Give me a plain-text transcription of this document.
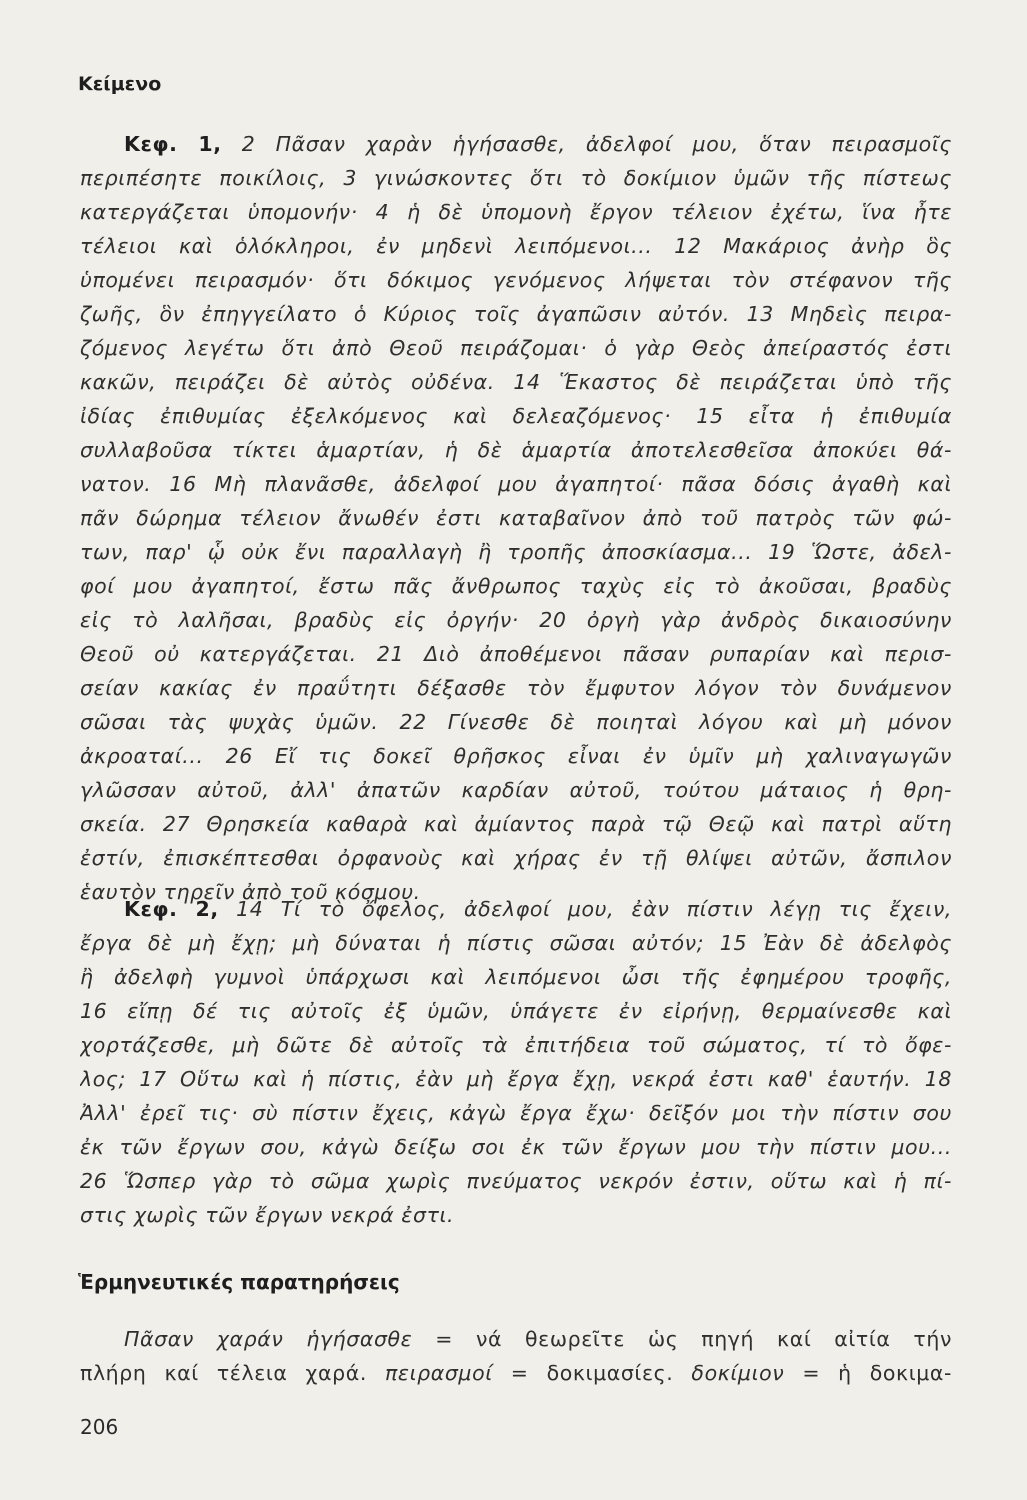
Κείμενο
Κεφ. 1, 2 Πᾶσαν χαρὰν ἡγήσασθε, ἀδελφοί μου, ὅταν πειρασμοῖς
περιπέσητε ποικίλοις, 3 γινώσκοντες ὅτι τὸ δοκίμιον ὑμῶν τῆς πίστεως
κατεργάζεται ὑπομονήν· 4 ἡ δὲ ὑπομονὴ ἔργον τέλειον ἐχέτω, ἵνα ἦτε
τέλειοι καὶ ὁλόκληροι, ἐν μηδενὶ λειπόμενοι... 12 Μακάριος ἀνὴρ ὃς
ὑπομένει πειρασμόν· ὅτι δόκιμος γενόμενος λήψεται τὸν στέφανον τῆς
ζωῆς, ὃν ἐπηγγείλατο ὁ Κύριος τοῖς ἀγαπῶσιν αὐτόν. 13 Μηδεὶς πειρα-
ζόμενος λεγέτω ὅτι ἀπὸ Θεοῦ πειράζομαι· ὁ γὰρ Θεὸς ἀπείραστός ἐστι
κακῶν, πειράζει δὲ αὐτὸς οὐδένα. 14 Ἕκαστος δὲ πειράζεται ὑπὸ τῆς
ἰδίας ἐπιθυμίας ἐξελκόμενος καὶ δελεαζόμενος· 15 εἶτα ἡ ἐπιθυμία
συλλαβοῦσα τίκτει ἁμαρτίαν, ἡ δὲ ἁμαρτία ἀποτελεσθεῖσα ἀποκύει θά-
νατον. 16 Μὴ πλανᾶσθε, ἀδελφοί μου ἀγαπητοί· πᾶσα δόσις ἀγαθὴ καὶ
πᾶν δώρημα τέλειον ἄνωθέν ἐστι καταβαῖνον ἀπὸ τοῦ πατρὸς τῶν φώ-
των, παρ' ᾧ οὐκ ἔνι παραλλαγὴ ἢ τροπῆς ἀποσκίασμα... 19 Ὥστε, ἀδελ-
φοί μου ἀγαπητοί, ἔστω πᾶς ἄνθρωπος ταχὺς εἰς τὸ ἀκοῦσαι, βραδὺς
εἰς τὸ λαλῆσαι, βραδὺς εἰς ὀργήν· 20 ὀργὴ γὰρ ἀνδρὸς δικαιοσύνην
Θεοῦ οὐ κατεργάζεται. 21 Διὸ ἀποθέμενοι πᾶσαν ρυπαρίαν καὶ περισ-
σείαν κακίας ἐν πραΰτητι δέξασθε τὸν ἔμφυτον λόγον τὸν δυνάμενον
σῶσαι τὰς ψυχὰς ὑμῶν. 22 Γίνεσθε δὲ ποιηταὶ λόγου καὶ μὴ μόνον
ἀκροαταί... 26 Εἴ τις δοκεῖ θρῆσκος εἶναι ἐν ὑμῖν μὴ χαλιναγωγῶν
γλῶσσαν αὐτοῦ, ἀλλ' ἀπατῶν καρδίαν αὐτοῦ, τούτου μάταιος ἡ θρη-
σκεία. 27 Θρησκεία καθαρὰ καὶ ἀμίαντος παρὰ τῷ Θεῷ καὶ πατρὶ αὕτη
ἐστίν, ἐπισκέπτεσθαι ὀρφανοὺς καὶ χήρας ἐν τῇ θλίψει αὐτῶν, ἄσπιλον
ἑαυτὸν τηρεῖν ἀπὸ τοῦ κόσμου.
Κεφ. 2, 14 Τί τὸ ὄφελος, ἀδελφοί μου, ἐὰν πίστιν λέγῃ τις ἔχειν,
ἔργα δὲ μὴ ἔχῃ; μὴ δύναται ἡ πίστις σῶσαι αὐτόν; 15 Ἐὰν δὲ ἀδελφὸς
ἢ ἀδελφὴ γυμνοὶ ὑπάρχωσι καὶ λειπόμενοι ὦσι τῆς ἐφημέρου τροφῆς,
16 εἴπῃ δέ τις αὐτοῖς ἐξ ὑμῶν, ὑπάγετε ἐν εἰρήνῃ, θερμαίνεσθε καὶ
χορτάζεσθε, μὴ δῶτε δὲ αὐτοῖς τὰ ἐπιτήδεια τοῦ σώματος, τί τὸ ὄφε-
λος; 17 Οὕτω καὶ ἡ πίστις, ἐὰν μὴ ἔργα ἔχῃ, νεκρά ἐστι καθ' ἑαυτήν. 18
Ἀλλ' ἐρεῖ τις· σὺ πίστιν ἔχεις, κἀγὼ ἔργα ἔχω· δεῖξόν μοι τὴν πίστιν σου
ἐκ τῶν ἔργων σου, κἀγὼ δείξω σοι ἐκ τῶν ἔργων μου τὴν πίστιν μου...
26 Ὥσπερ γὰρ τὸ σῶμα χωρὶς πνεύματος νεκρόν ἐστιν, οὕτω καὶ ἡ πί-
στις χωρὶς τῶν ἔργων νεκρά ἐστι.
Ἑρμηνευτικές παρατηρήσεις
Πᾶσαν χαράν ἡγήσασθε = νά θεωρεῖτε ὡς πηγή καί αἰτία τήν
πλήρη καί τέλεια χαρά. πειρασμοί = δοκιμασίες. δοκίμιον = ἡ δοκιμα-
206
